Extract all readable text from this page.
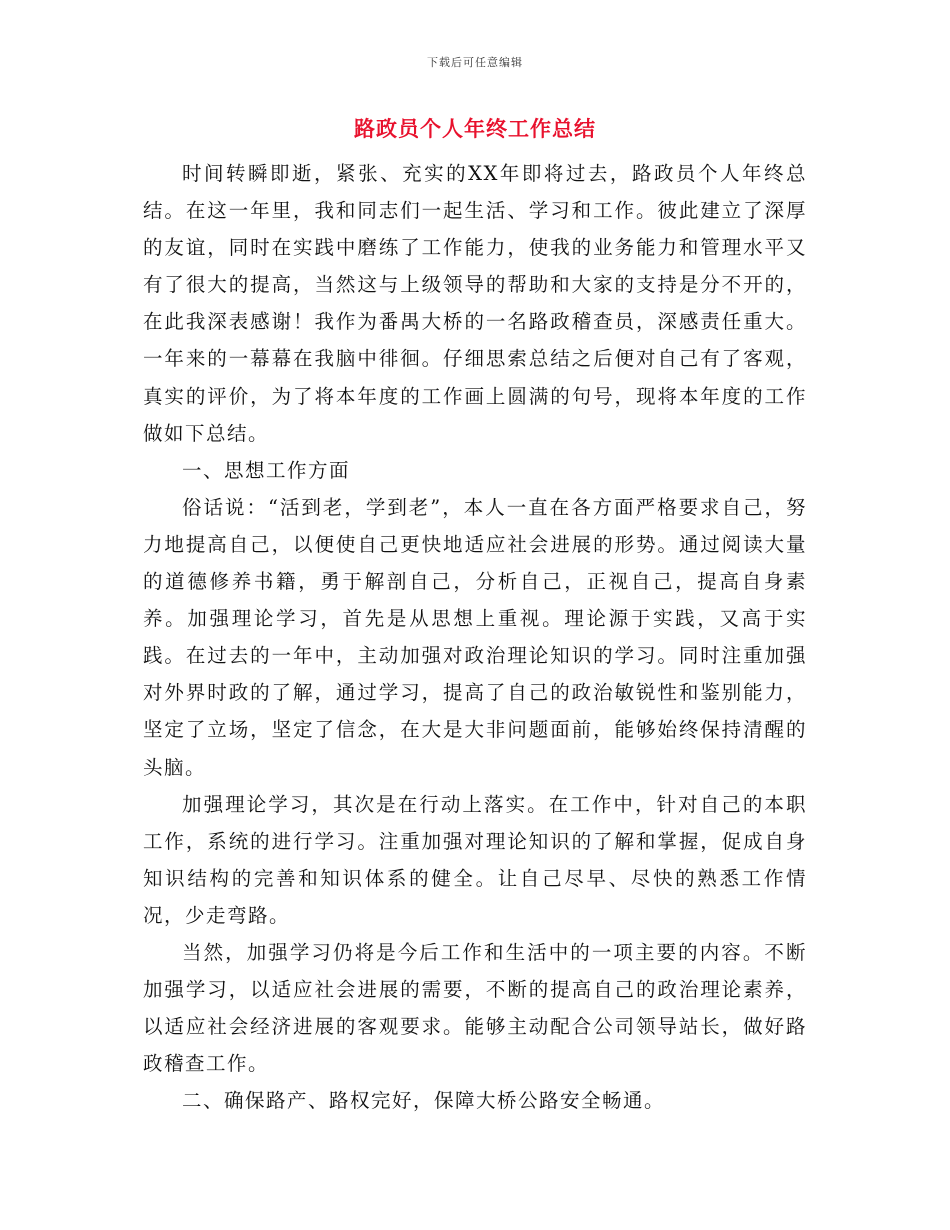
下载后可任意编辑
路政员个人年终工作总结

时间转瞬即逝，紧张、充实的XX年即将过去，路政员个人年终总结。在这一年里，我和同志们一起生活、学习和工作。彼此建立了深厚的友谊，同时在实践中磨练了工作能力，使我的业务能力和管理水平又有了很大的提高，当然这与上级领导的帮助和大家的支持是分不开的，在此我深表感谢！我作为番禺大桥的一名路政稽查员，深感责任重大。一年来的一幕幕在我脑中徘徊。仔细思索总结之后便对自己有了客观，真实的评价，为了将本年度的工作画上圆满的句号，现将本年度的工作做如下总结。

一、思想工作方面

俗话说：“活到老，学到老”，本人一直在各方面严格要求自己，努力地提高自己，以便使自己更快地适应社会进展的形势。通过阅读大量的道德修养书籍，勇于解剖自己，分析自己，正视自己，提高自身素养。加强理论学习，首先是从思想上重视。理论源于实践，又高于实践。在过去的一年中，主动加强对政治理论知识的学习。同时注重加强对外界时政的了解，通过学习，提高了自己的政治敏锐性和鉴别能力，坚定了立场，坚定了信念，在大是大非问题面前，能够始终保持清醒的头脑。

加强理论学习，其次是在行动上落实。在工作中，针对自己的本职工作，系统的进行学习。注重加强对理论知识的了解和掌握，促成自身知识结构的完善和知识体系的健全。让自己尽早、尽快的熟悉工作情况，少走弯路。

当然，加强学习仍将是今后工作和生活中的一项主要的内容。不断加强学习，以适应社会进展的需要，不断的提高自己的政治理论素养，以适应社会经济进展的客观要求。能够主动配合公司领导站长，做好路政稽查工作。

二、确保路产、路权完好，保障大桥公路安全畅通。
